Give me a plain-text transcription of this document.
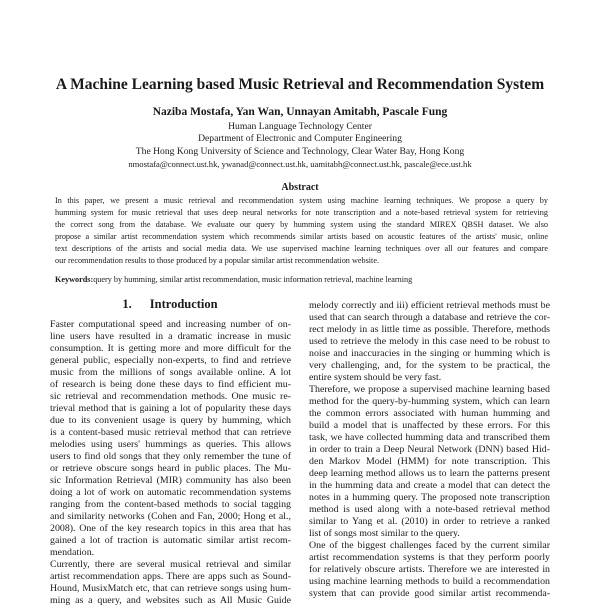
A Machine Learning based Music Retrieval and Recommendation System
Naziba Mostafa, Yan Wan, Unnayan Amitabh, Pascale Fung
Human Language Technology Center
Department of Electronic and Computer Engineering
The Hong Kong University of Science and Technology, Clear Water Bay, Hong Kong
nmostafa@connect.ust.hk, ywanad@connect.ust.hk, uamitabh@connect.ust.hk, pascale@ece.ust.hk
Abstract
In this paper, we present a music retrieval and recommendation system using machine learning techniques. We propose a query by
humming system for music retrieval that uses deep neural networks for note transcription and a note-based retrieval system for retrieving
the correct song from the database. We evaluate our query by humming system using the standard MIREX QBSH dataset. We also
propose a similar artist recommendation system which recommends similar artists based on acoustic features of the artists' music, online
text descriptions of the artists and social media data. We use supervised machine learning techniques over all our features and compare
our recommendation results to those produced by a popular similar artist recommendation website.
Keywords:query by humming, similar artist recommendation, music information retrieval, machine learning
1. Introduction
Faster computational speed and increasing number of on-
line users have resulted in a dramatic increase in music
consumption. It is getting more and more difficult for the
general public, especially non-experts, to find and retrieve
music from the millions of songs available online. A lot
of research is being done these days to find efficient mu-
sic retrieval and recommendation methods. One music re-
trieval method that is gaining a lot of popularity these days
due to its convenient usage is query by humming, which
is a content-based music retrieval method that can retrieve
melodies using users' hummings as queries. This allows
users to find old songs that they only remember the tune of
or retrieve obscure songs heard in public places. The Mu-
sic Information Retrieval (MIR) community has also been
doing a lot of work on automatic recommendation systems
ranging from the content-based methods to social tagging
and similarity networks (Cohen and Fan, 2000; Hong et al.,
2008). One of the key research topics in this area that has
gained a lot of traction is automatic similar artist recom-
mendation.
Currently, there are several musical retrieval and similar
artist recommendation apps. There are apps such as Sound-
Hound, MusixMatch etc, that can retrieve songs using hum-
ming as a query, and websites such as All Music Guide
melody correctly and iii) efficient retrieval methods must be
used that can search through a database and retrieve the cor-
rect melody in as little time as possible. Therefore, methods
used to retrieve the melody in this case need to be robust to
noise and inaccuracies in the singing or humming which is
very challenging, and, for the system to be practical, the
entire system should be very fast.
Therefore, we propose a supervised machine learning based
method for the query-by-humming system, which can learn
the common errors associated with human humming and
build a model that is unaffected by these errors. For this
task, we have collected humming data and transcribed them
in order to train a Deep Neural Network (DNN) based Hid-
den Markov Model (HMM) for note transcription. This
deep learning method allows us to learn the patterns present
in the humming data and create a model that can detect the
notes in a humming query. The proposed note transcription
method is used along with a note-based retrieval method
similar to Yang et al. (2010) in order to retrieve a ranked
list of songs most similar to the query.
One of the biggest challenges faced by the current similar
artist recommendation systems is that they perform poorly
for relatively obscure artists. Therefore we are interested in
using machine learning methods to build a recommendation
system that can provide good similar artist recommenda-
